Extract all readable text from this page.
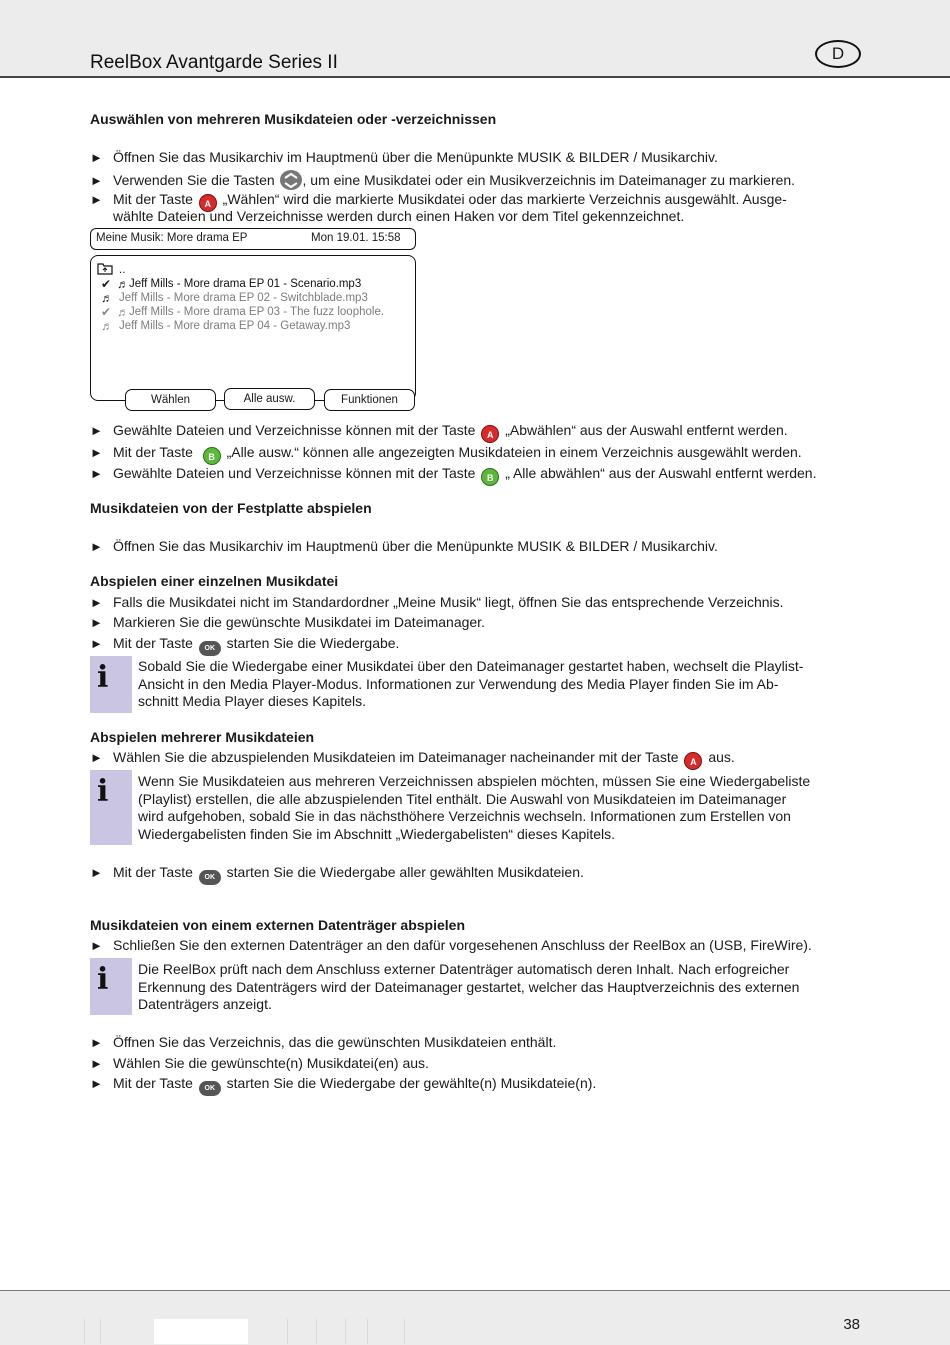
ReelBox Avantgarde Series II	D
Auswählen von mehreren Musikdateien oder -verzeichnissen
► Öffnen Sie das Musikarchiv im Hauptmenü über die Menüpunkte MUSIK & BILDER / Musikarchiv.
► Verwenden Sie die Tasten , um eine Musikdatei oder ein Musikverzeichnis im Dateimanager zu markieren.
► Mit der Taste A „Wählen“ wird die markierte Musikdatei oder das markierte Verzeichnis ausgewählt. Ausge-
wählte Dateien und Verzeichnisse werden durch einen Haken vor dem Titel gekennzeichnet.
Meine Musik: More drama EP	Mon 19.01. 15:58
..
✔ ♬ Jeff Mills - More drama EP 01 - Scenario.mp3
♬ Jeff Mills - More drama EP 02 - Switchblade.mp3
✔ ♬ Jeff Mills - More drama EP 03 - The fuzz loophole.
♬ Jeff Mills - More drama EP 04 - Getaway.mp3
Wählen	Alle ausw.	Funktionen
► Gewählte Dateien und Verzeichnisse können mit der Taste A „Abwählen“ aus der Auswahl entfernt werden.
► Mit der Taste B „Alle ausw.“ können alle angezeigten Musikdateien in einem Verzeichnis ausgewählt werden.
► Gewählte Dateien und Verzeichnisse können mit der Taste B „ Alle abwählen“ aus der Auswahl entfernt werden.
Musikdateien von der Festplatte abspielen
► Öffnen Sie das Musikarchiv im Hauptmenü über die Menüpunkte MUSIK & BILDER / Musikarchiv.
Abspielen einer einzelnen Musikdatei
► Falls die Musikdatei nicht im Standardordner „Meine Musik“ liegt, öffnen Sie das entsprechende Verzeichnis.
► Markieren Sie die gewünschte Musikdatei im Dateimanager.
► Mit der Taste OK starten Sie die Wiedergabe.
i Sobald Sie die Wiedergabe einer Musikdatei über den Dateimanager gestartet haben, wechselt die Playlist-
Ansicht in den Media Player-Modus. Informationen zur Verwendung des Media Player finden Sie im Ab-
schnitt Media Player dieses Kapitels.
Abspielen mehrerer Musikdateien
► Wählen Sie die abzuspielenden Musikdateien im Dateimanager nacheinander mit der Taste A aus.
i Wenn Sie Musikdateien aus mehreren Verzeichnissen abspielen möchten, müssen Sie eine Wiedergabeliste
(Playlist) erstellen, die alle abzuspielenden Titel enthält. Die Auswahl von Musikdateien im Dateimanager
wird aufgehoben, sobald Sie in das nächsthöhere Verzeichnis wechseln. Informationen zum Erstellen von
Wiedergabelisten finden Sie im Abschnitt „Wiedergabelisten“ dieses Kapitels.
► Mit der Taste OK starten Sie die Wiedergabe aller gewählten Musikdateien.
Musikdateien von einem externen Datenträger abspielen
► Schließen Sie den externen Datenträger an den dafür vorgesehenen Anschluss der ReelBox an (USB, FireWire).
i Die ReelBox prüft nach dem Anschluss externer Datenträger automatisch deren Inhalt. Nach erfogreicher
Erkennung des Datenträgers wird der Dateimanager gestartet, welcher das Hauptverzeichnis des externen
Datenträgers anzeigt.
► Öffnen Sie das Verzeichnis, das die gewünschten Musikdateien enthält.
► Wählen Sie die gewünschte(n) Musikdatei(en) aus.
► Mit der Taste OK starten Sie die Wiedergabe der gewählte(n) Musikdateie(n).
38
